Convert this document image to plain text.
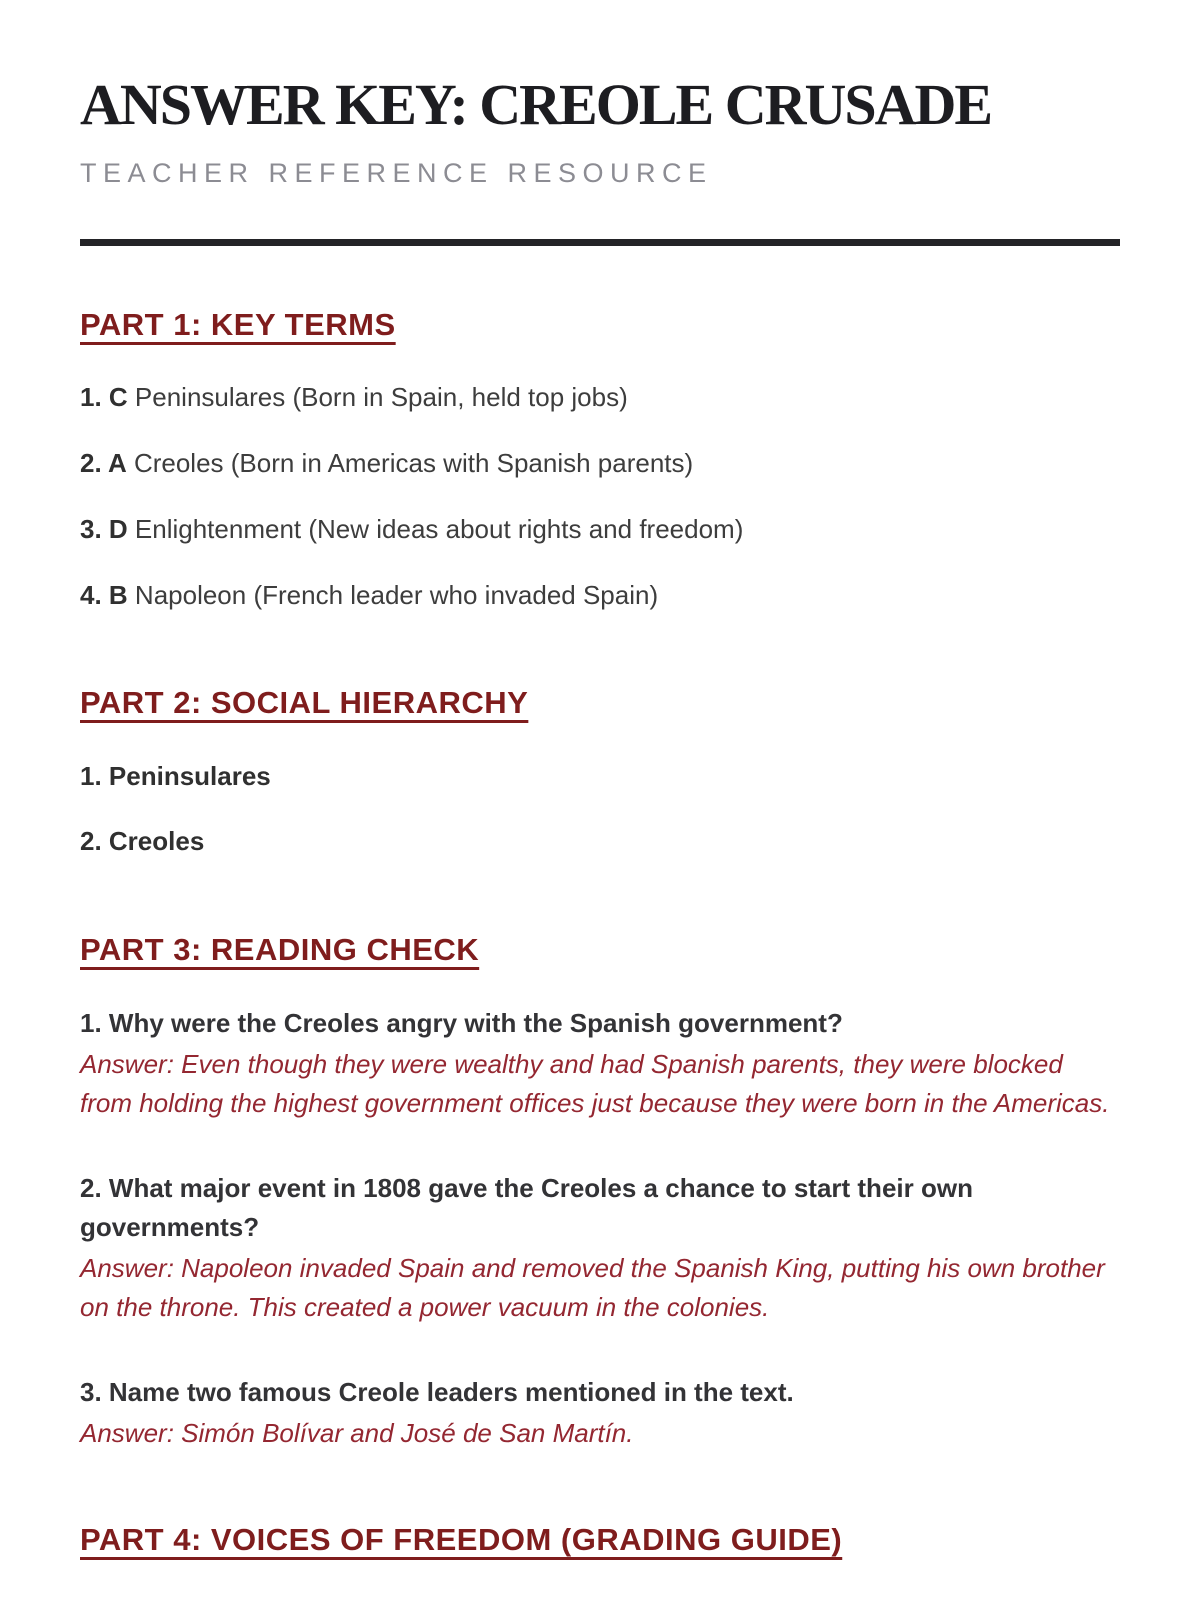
ANSWER KEY: CREOLE CRUSADE
TEACHER REFERENCE RESOURCE
PART 1: KEY TERMS

1. C Peninsulares (Born in Spain, held top jobs)

2. A Creoles (Born in Americas with Spanish parents)

3. D Enlightenment (New ideas about rights and freedom)

4. B Napoleon (French leader who invaded Spain)

PART 2: SOCIAL HIERARCHY

1. Peninsulares

2. Creoles

PART 3: READING CHECK

1. Why were the Creoles angry with the Spanish government?

Answer: Even though they were wealthy and had Spanish parents, they were blocked from holding the highest government offices just because they were born in the Americas.

2. What major event in 1808 gave the Creoles a chance to start their own governments?

Answer: Napoleon invaded Spain and removed the Spanish King, putting his own brother on the throne. This created a power vacuum in the colonies.

3. Name two famous Creole leaders mentioned in the text.

Answer: Simón Bolívar and José de San Martín.

PART 4: VOICES OF FREEDOM (GRADING GUIDE)
